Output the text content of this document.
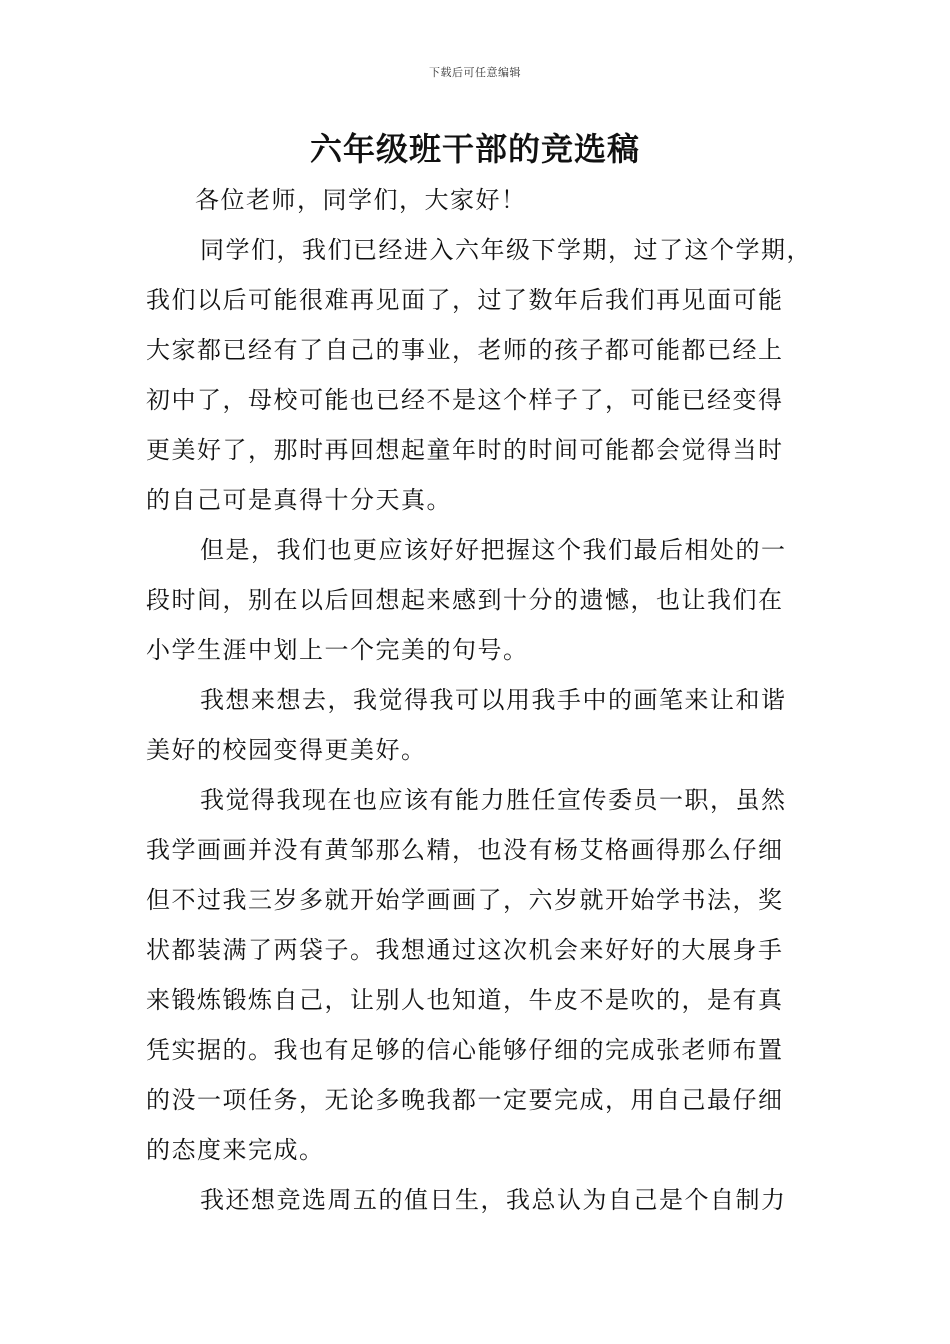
下载后可任意编辑
六年级班干部的竞选稿
各位老师，同学们，大家好！
同学们，我们已经进入六年级下学期，过了这个学期，
我们以后可能很难再见面了，过了数年后我们再见面可能
大家都已经有了自己的事业，老师的孩子都可能都已经上
初中了，母校可能也已经不是这个样子了，可能已经变得
更美好了，那时再回想起童年时的时间可能都会觉得当时
的自己可是真得十分天真。
但是，我们也更应该好好把握这个我们最后相处的一
段时间，别在以后回想起来感到十分的遗憾，也让我们在
小学生涯中划上一个完美的句号。
我想来想去，我觉得我可以用我手中的画笔来让和谐
美好的校园变得更美好。
我觉得我现在也应该有能力胜任宣传委员一职，虽然
我学画画并没有黄邹那么精，也没有杨艾格画得那么仔细
但不过我三岁多就开始学画画了，六岁就开始学书法，奖
状都装满了两袋子。我想通过这次机会来好好的大展身手
来锻炼锻炼自己，让别人也知道，牛皮不是吹的，是有真
凭实据的。我也有足够的信心能够仔细的完成张老师布置
的没一项任务，无论多晚我都一定要完成，用自己最仔细
的态度来完成。
我还想竞选周五的值日生，我总认为自己是个自制力
